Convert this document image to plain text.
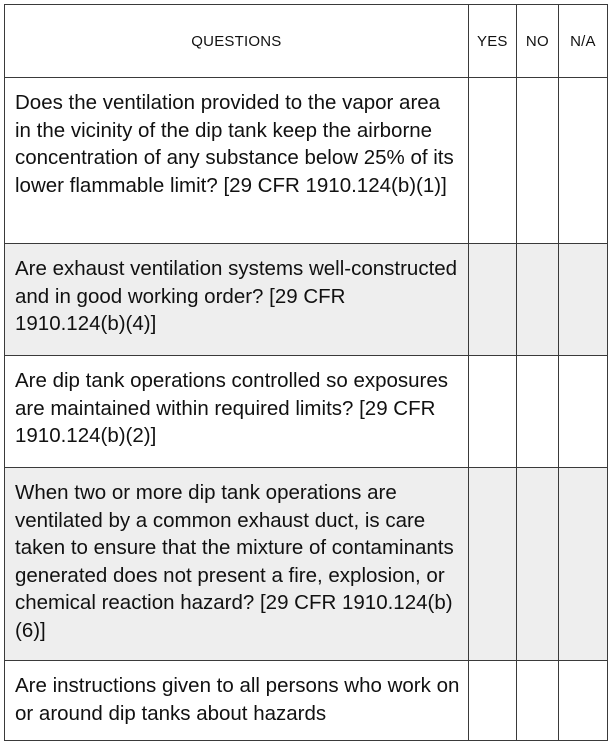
QUESTIONS	YES	NO	N/A
Does the ventilation provided to the vapor area in the vicinity of the dip tank keep the airborne concentration of any substance below 25% of its lower flammable limit? [29 CFR 1910.124(b)(1)]			
Are exhaust ventilation systems well-constructed and in good working order? [29 CFR 1910.124(b)(4)]			
Are dip tank operations controlled so exposures are maintained within required limits? [29 CFR 1910.124(b)(2)]			
When two or more dip tank operations are ventilated by a common exhaust duct, is care taken to ensure that the mixture of contaminants generated does not present a fire, explosion, or chemical reaction hazard? [29 CFR 1910.124(b)(6)]			
Are instructions given to all persons who work on or around dip tanks about hazards			
